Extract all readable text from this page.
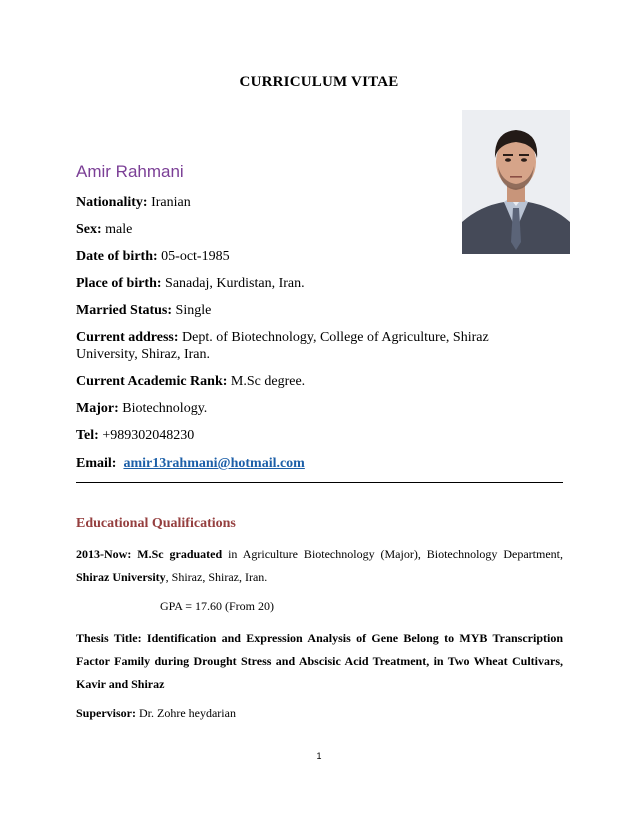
CURRICULUM VITAE
Amir Rahmani
Nationality: Iranian
Sex: male
Date of birth: 05-oct-1985
Place of birth: Sanadaj, Kurdistan, Iran.
Married Status: Single
Current address: Dept. of Biotechnology, College of Agriculture, Shiraz University, Shiraz, Iran.
Current Academic Rank: M.Sc degree.
Major: Biotechnology.
Tel: +989302048230
Email: amir13rahmani@hotmail.com
Educational Qualifications
2013-Now: M.Sc graduated in Agriculture Biotechnology (Major), Biotechnology Department, Shiraz University, Shiraz, Shiraz, Iran.
GPA = 17.60 (From 20)
Thesis Title: Identification and Expression Analysis of Gene Belong to MYB Transcription Factor Family during Drought Stress and Abscisic Acid Treatment, in Two Wheat Cultivars, Kavir and Shiraz
Supervisor: Dr. Zohre heydarian
1
